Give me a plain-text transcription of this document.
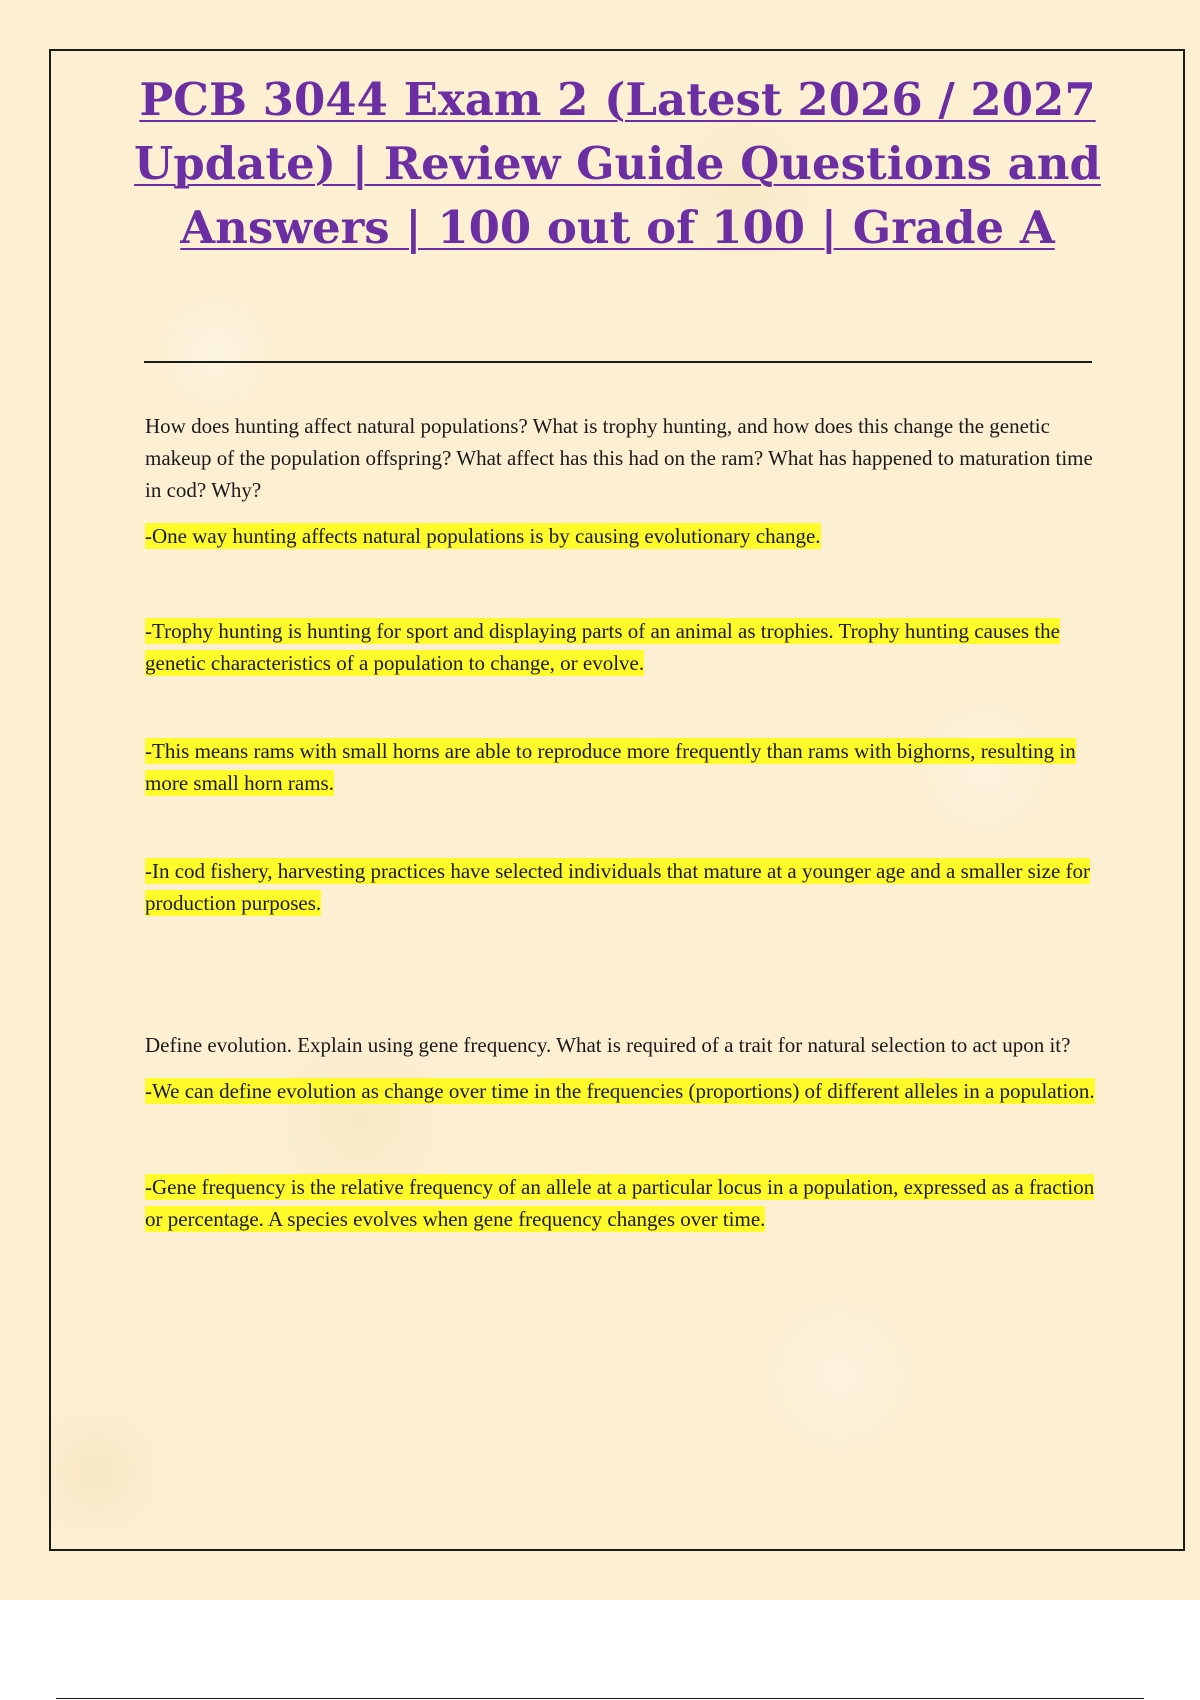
PCB 3044 Exam 2 (Latest 2026 / 2027 Update) | Review Guide Questions and Answers | 100 out of 100 | Grade A

How does hunting affect natural populations? What is trophy hunting, and how does this change the genetic makeup of the population offspring? What affect has this had on the ram? What has happened to maturation time in cod? Why?

-One way hunting affects natural populations is by causing evolutionary change.

-Trophy hunting is hunting for sport and displaying parts of an animal as trophies. Trophy hunting causes the genetic characteristics of a population to change, or evolve.

-This means rams with small horns are able to reproduce more frequently than rams with bighorns, resulting in more small horn rams.

-In cod fishery, harvesting practices have selected individuals that mature at a younger age and a smaller size for production purposes.

Define evolution. Explain using gene frequency. What is required of a trait for natural selection to act upon it?

-We can define evolution as change over time in the frequencies (proportions) of different alleles in a population.

-Gene frequency is the relative frequency of an allele at a particular locus in a population, expressed as a fraction or percentage. A species evolves when gene frequency changes over time.
